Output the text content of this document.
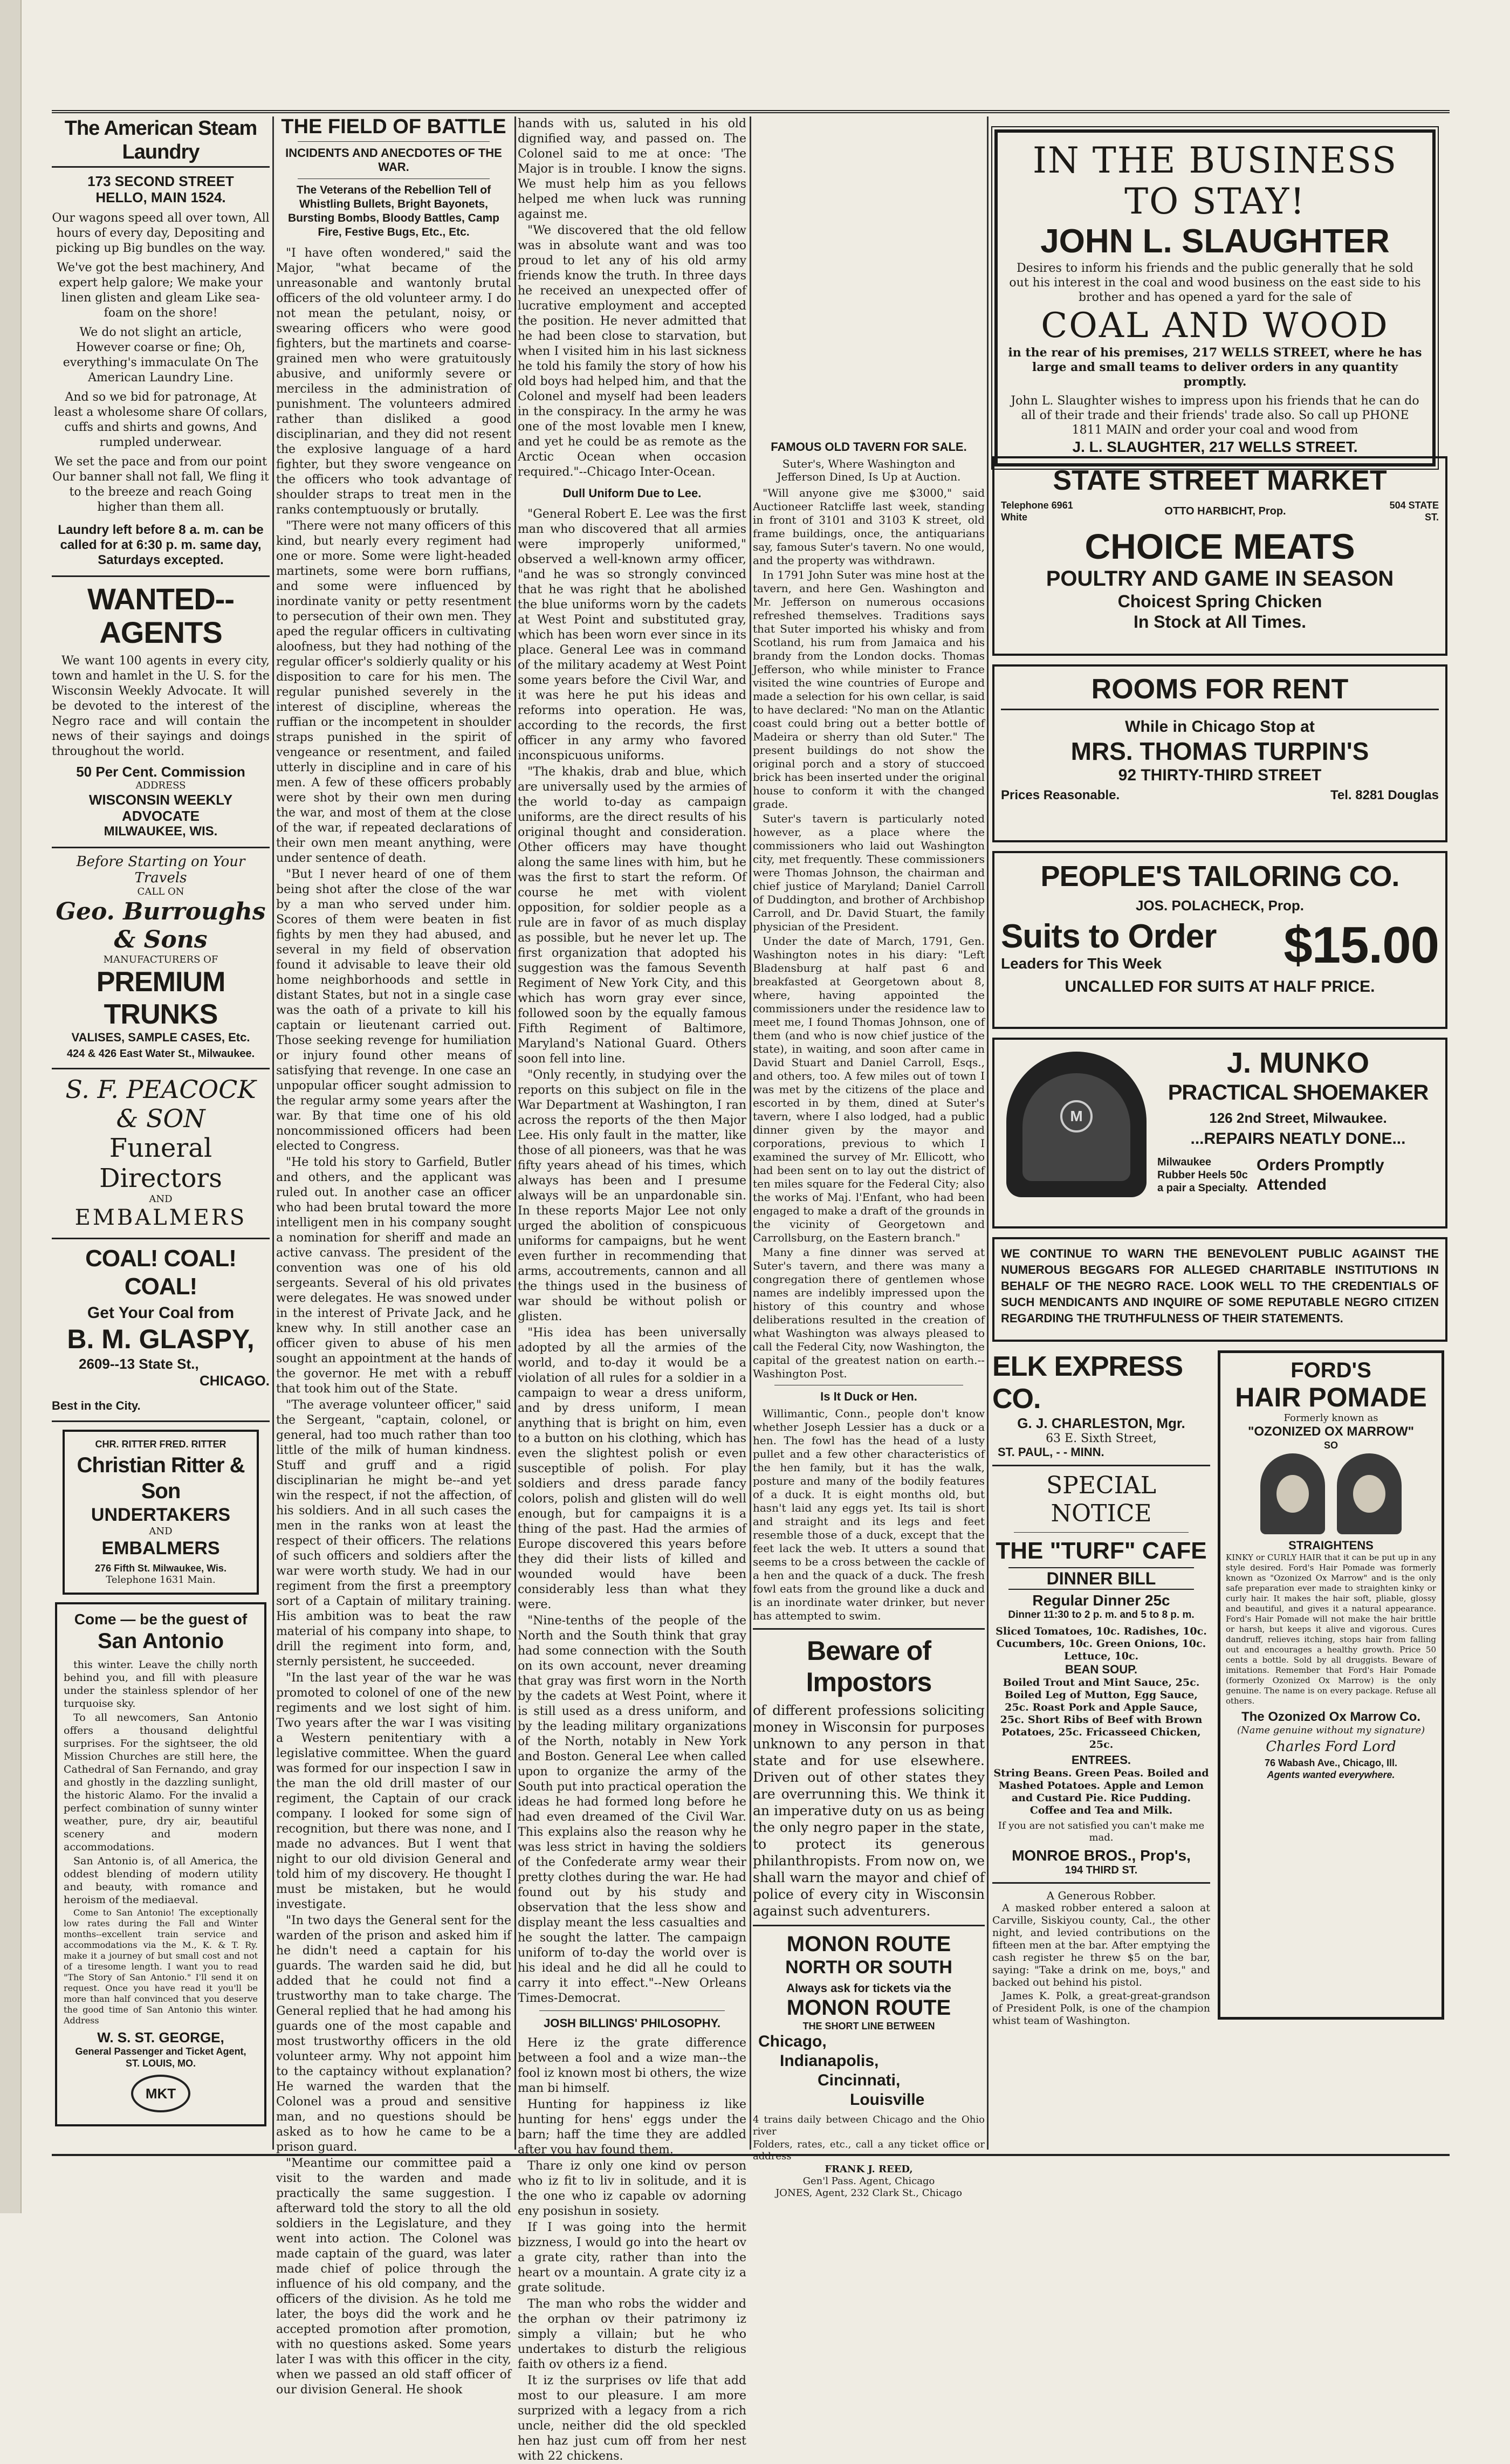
The American Steam Laundry
173 SECOND STREET
HELLO, MAIN 1524.
Our wagons speed all over town, All hours of every day, Depositing and picking up Big bundles on the way.
We've got the best machinery, And expert help galore; We make your linen glisten and gleam Like sea-foam on the shore!
We do not slight an article, However coarse or fine; Oh, everything's immaculate On The American Laundry Line.
And so we bid for patronage, At least a wholesome share Of collars, cuffs and shirts and gowns, And rumpled underwear.
We set the pace and from our point Our banner shall not fall, We fling it to the breeze and reach Going higher than them all.
Laundry left before 8 a. m. can be called for at 6:30 p. m. same day, Saturdays excepted.
WANTED--AGENTS
We want 100 agents in every city, town and hamlet in the U. S. for the Wisconsin Weekly Advocate. It will be devoted to the interest of the Negro race and will contain the news of their sayings and doings throughout the world.
50 Per Cent. Commission
ADDRESS
WISCONSIN WEEKLY ADVOCATE
MILWAUKEE, WIS.
Before Starting on Your Travels
CALL ON
Geo. Burroughs & Sons
MANUFACTURERS OF
PREMIUM TRUNKS
VALISES, SAMPLE CASES, Etc.
424 & 426 East Water St., Milwaukee.
S. F. PEACOCK & SON
Funeral Directors
AND
EMBALMERS
COAL! COAL! COAL!
Get Your Coal from
B. M. GLASPY,
2609--13 State St.,
CHICAGO.
Best in the City.
CHR. RITTER FRED. RITTER
Christian Ritter & Son
UNDERTAKERS
AND
EMBALMERS
276 Fifth St. Milwaukee, Wis.
Telephone 1631 Main.
Come — be the guest of
San Antonio
this winter. Leave the chilly north behind you, and fill with pleasure under the stainless splendor of her turquoise sky.
To all newcomers, San Antonio offers a thousand delightful surprises. For the sightseer, the old Mission Churches are still here, the Cathedral of San Fernando, and gray and ghostly in the dazzling sunlight, the historic Alamo. For the invalid a perfect combination of sunny winter weather, pure, dry air, beautiful scenery and modern accommodations.
San Antonio is, of all America, the oddest blending of modern utility and beauty, with romance and heroism of the mediaeval.
Come to San Antonio! The exceptionally low rates during the Fall and Winter months--excellent train service and accommodations via the M., K. & T. Ry. make it a journey of but small cost and not of a tiresome length. I want you to read "The Story of San Antonio." I'll send it on request. Once you have read it you'll be more than half convinced that you deserve the good time of San Antonio this winter. Address
W. S. ST. GEORGE,
General Passenger and Ticket Agent,
ST. LOUIS, MO.
MKT
THE FIELD OF BATTLE
INCIDENTS AND ANECDOTES OF THE WAR.
The Veterans of the Rebellion Tell of Whistling Bullets, Bright Bayonets, Bursting Bombs, Bloody Battles, Camp Fire, Festive Bugs, Etc., Etc.

"I have often wondered," said the Major, "what became of the unreasonable and wantonly brutal officers of the old volunteer army. I do not mean the petulant, noisy, or swearing officers who were good fighters, but the martinets and coarse-grained men who were gratuitously abusive, and uniformly severe or merciless in the administration of punishment. The volunteers admired rather than disliked a good disciplinarian, and they did not resent the explosive language of a hard fighter, but they swore vengeance on the officers who took advantage of shoulder straps to treat men in the ranks contemptuously or brutally.

"There were not many officers of this kind, but nearly every regiment had one or more. Some were light-headed martinets, some were born ruffians, and some were influenced by inordinate vanity or petty resentment to persecution of their own men. They aped the regular officers in cultivating aloofness, but they had nothing of the regular officer's soldierly quality or his disposition to care for his men. The regular punished severely in the interest of discipline, whereas the ruffian or the incompetent in shoulder straps punished in the spirit of vengeance or resentment, and failed utterly in discipline and in care of his men. A few of these officers probably were shot by their own men during the war, and most of them at the close of the war, if repeated declarations of their own men meant anything, were under sentence of death.

"But I never heard of one of them being shot after the close of the war by a man who served under him. Scores of them were beaten in fist fights by men they had abused, and several in my field of observation found it advisable to leave their old home neighborhoods and settle in distant States, but not in a single case was the oath of a private to kill his captain or lieutenant carried out. Those seeking revenge for humiliation or injury found other means of satisfying that revenge. In one case an unpopular officer sought admission to the regular army some years after the war. By that time one of his old noncommissioned officers had been elected to Congress.

"He told his story to Garfield, Butler and others, and the applicant was ruled out. In another case an officer who had been brutal toward the more intelligent men in his company sought a nomination for sheriff and made an active canvass. The president of the convention was one of his old sergeants. Several of his old privates were delegates. He was snowed under in the interest of Private Jack, and he knew why. In still another case an officer given to abuse of his men sought an appointment at the hands of the governor. He met with a rebuff that took him out of the State.

"The average volunteer officer," said the Sergeant, "captain, colonel, or general, had too much rather than too little of the milk of human kindness. Stuff and gruff and a rigid disciplinarian he might be--and yet win the respect, if not the affection, of his soldiers. And in all such cases the men in the ranks won at least the respect of their officers. The relations of such officers and soldiers after the war were worth study. We had in our regiment from the first a preemptory sort of a Captain of military training. His ambition was to beat the raw material of his company into shape, to drill the regiment into form, and, sternly persistent, he succeeded.

"In the last year of the war he was promoted to colonel of one of the new regiments and we lost sight of him. Two years after the war I was visiting a Western penitentiary with a legislative committee. When the guard was formed for our inspection I saw in the man the old drill master of our regiment, the Captain of our crack company. I looked for some sign of recognition, but there was none, and I made no advances. But I went that night to our old division General and told him of my discovery. He thought I must be mistaken, but he would investigate.

"In two days the General sent for the warden of the prison and asked him if he didn't need a captain for his guards. The warden said he did, but added that he could not find a trustworthy man to take charge. The General replied that he had among his guards one of the most capable and most trustworthy officers in the old volunteer army. Why not appoint him to the captaincy without explanation? He warned the warden that the Colonel was a proud and sensitive man, and no questions should be asked as to how he came to be a prison guard.

"Meantime our committee paid a visit to the warden and made practically the same suggestion. I afterward told the story to all the old soldiers in the Legislature, and they went into action. The Colonel was made captain of the guard, was later made chief of police through the influence of his old company, and the officers of the division. As he told me later, the boys did the work and he accepted promotion after promotion, with no questions asked. Some years later I was with this officer in the city, when we passed an old staff officer of our division General. He shook

hands with us, saluted in his old dignified way, and passed on. The Colonel said to me at once: 'The Major is in trouble. I know the signs. We must help him as you fellows helped me when luck was running against me.

"We discovered that the old fellow was in absolute want and was too proud to let any of his old army friends know the truth. In three days he received an unexpected offer of lucrative employment and accepted the position. He never admitted that he had been close to starvation, but when I visited him in his last sickness he told his family the story of how his old boys had helped him, and that the Colonel and myself had been leaders in the conspiracy. In the army he was one of the most lovable men I knew, and yet he could be as remote as the Arctic Ocean when occasion required."--Chicago Inter-Ocean.

Dull Uniform Due to Lee.

"General Robert E. Lee was the first man who discovered that all armies were improperly uniformed," observed a well-known army officer, "and he was so strongly convinced that he was right that he abolished the blue uniforms worn by the cadets at West Point and substituted gray, which has been worn ever since in its place. General Lee was in command of the military academy at West Point some years before the Civil War, and it was here he put his ideas and reforms into operation. He was, according to the records, the first officer in any army who favored inconspicuous uniforms.

"The khakis, drab and blue, which are universally used by the armies of the world to-day as campaign uniforms, are the direct results of his original thought and consideration. Other officers may have thought along the same lines with him, but he was the first to start the reform. Of course he met with violent opposition, for soldier people as a rule are in favor of as much display as possible, but he never let up. The first organization that adopted his suggestion was the famous Seventh Regiment of New York City, and this which has worn gray ever since, followed soon by the equally famous Fifth Regiment of Baltimore, Maryland's National Guard. Others soon fell into line.

"Only recently, in studying over the reports on this subject on file in the War Department at Washington, I ran across the reports of the then Major Lee. His only fault in the matter, like those of all pioneers, was that he was fifty years ahead of his times, which always has been and I presume always will be an unpardonable sin. In these reports Major Lee not only urged the abolition of conspicuous uniforms for campaigns, but he went even further in recommending that arms, accoutrements, cannon and all the things used in the business of war should be without polish or glisten.

"His idea has been universally adopted by all the armies of the world, and to-day it would be a violation of all rules for a soldier in a campaign to wear a dress uniform, and by dress uniform, I mean anything that is bright on him, even to a button on his clothing, which has even the slightest polish or even susceptible of polish. For play soldiers and dress parade fancy colors, polish and glisten will do well enough, but for campaigns it is a thing of the past. Had the armies of Europe discovered this years before they did their lists of killed and wounded would have been considerably less than what they were.

"Nine-tenths of the people of the North and the South think that gray had some connection with the South on its own account, never dreaming that gray was first worn in the North by the cadets at West Point, where it is still used as a dress uniform, and by the leading military organizations of the North, notably in New York and Boston. General Lee when called upon to organize the army of the South put into practical operation the ideas he had formed long before he had even dreamed of the Civil War. This explains also the reason why he was less strict in having the soldiers of the Confederate army wear their pretty clothes during the war. He had found out by his study and observation that the less show and display meant the less casualties and he sought the latter. The campaign uniform of to-day the world over is his ideal and he did all he could to carry it into effect."--New Orleans Times-Democrat.

JOSH BILLINGS' PHILOSOPHY.

Here iz the grate difference between a fool and a wize man--the fool iz known most bi others, the wize man bi himself.

Hunting for happiness iz like hunting for hens' eggs under the barn; haff the time they are addled after you hav found them.

Thare iz only one kind ov person who iz fit to liv in solitude, and it is the one who iz capable ov adorning eny posishun in sosiety.

If I was going into the hermit bizzness, I would go into the heart ov a grate city, rather than into the heart ov a mountain. A grate city iz a grate solitude.

The man who robs the widder and the orphan ov their patrimony iz simply a villain; but he who undertakes to disturb the religious faith ov others iz a fiend.

It iz the surprises ov life that add most to our pleasure. I am more surprized with a legacy from a rich uncle, neither did the old speckled hen haz just cum off from her nest with 22 chickens.

FAMOUS OLD TAVERN FOR SALE.
Suter's, Where Washington and Jefferson Dined, Is Up at Auction.

"Will anyone give me $3000," said Auctioneer Ratcliffe last week, standing in front of 3101 and 3103 K street, old frame buildings, once, the antiquarians say, famous Suter's tavern. No one would, and the property was withdrawn.

In 1791 John Suter was mine host at the tavern, and here Gen. Washington and Mr. Jefferson on numerous occasions refreshed themselves. Traditions says that Suter imported his whisky and from Scotland, his rum from Jamaica and his brandy from the London docks. Thomas Jefferson, who while minister to France visited the wine countries of Europe and made a selection for his own cellar, is said to have declared: "No man on the Atlantic coast could bring out a better bottle of Madeira or sherry than old Suter." The present buildings do not show the original porch and a story of stuccoed brick has been inserted under the original house to conform it with the changed grade.

Suter's tavern is particularly noted however, as a place where the commissioners who laid out Washington city, met frequently. These commissioners were Thomas Johnson, the chairman and chief justice of Maryland; Daniel Carroll of Duddington, and brother of Archbishop Carroll, and Dr. David Stuart, the family physician of the President.

Under the date of March, 1791, Gen. Washington notes in his diary: "Left Bladensburg at half past 6 and breakfasted at Georgetown about 8, where, having appointed the commissioners under the residence law to meet me, I found Thomas Johnson, one of them (and who is now chief justice of the state), in waiting, and soon after came in David Stuart and Daniel Carroll, Esqs., and others, too. A few miles out of town I was met by the citizens of the place and escorted in by them, dined at Suter's tavern, where I also lodged, had a public dinner given by the mayor and corporations, previous to which I examined the survey of Mr. Ellicott, who had been sent on to lay out the district of ten miles square for the Federal City; also the works of Maj. l'Enfant, who had been engaged to make a draft of the grounds in the vicinity of Georgetown and Carrollsburg, on the Eastern branch."

Many a fine dinner was served at Suter's tavern, and there was many a congregation there of gentlemen whose names are indelibly impressed upon the history of this country and whose deliberations resulted in the creation of what Washington was always pleased to call the Federal City, now Washington, the capital of the greatest nation on earth.--Washington Post.

Is It Duck or Hen.

Willimantic, Conn., people don't know whether Joseph Lessier has a duck or a hen. The fowl has the head of a lusty pullet and a few other characteristics of the hen family, but it has the walk, posture and many of the bodily features of a duck. It is eight months old, but hasn't laid any eggs yet. Its tail is short and straight and its legs and feet resemble those of a duck, except that the feet lack the web. It utters a sound that seems to be a cross between the cackle of a hen and the quack of a duck. The fresh fowl eats from the ground like a duck and is an inordinate water drinker, but never has attempted to swim.

Beware of Impostors
of different professions soliciting money in Wisconsin for purposes unknown to any person in that state and for use elsewhere. Driven out of other states they are overrunning this. We think it an imperative duty on us as being the only negro paper in the state, to protect its generous philanthropists. From now on, we shall warn the mayor and chief of police of every city in Wisconsin against such adventurers.
MONON ROUTE
NORTH OR SOUTH
Always ask for tickets via the
MONON ROUTE
THE SHORT LINE BETWEEN
Chicago,
Indianapolis,
Cincinnati,
Louisville
4 trains daily between Chicago and the Ohio river
Folders, rates, etc., call a any ticket office or address
FRANK J. REED,
Gen'l Pass. Agent, Chicago
JONES, Agent, 232 Clark St., Chicago
IN THE BUSINESS TO STAY!
JOHN L. SLAUGHTER
Desires to inform his friends and the public generally that he sold out his interest in the coal and wood business on the east side to his brother and has opened a yard for the sale of
COAL AND WOOD
in the rear of his premises, 217 WELLS STREET, where he has large and small teams to deliver orders in any quantity promptly.
John L. Slaughter wishes to impress upon his friends that he can do all of their trade and their friends' trade also. So call up PHONE 1811 MAIN and order your coal and wood from
J. L. SLAUGHTER, 217 WELLS STREET.
STATE STREET MARKET
Telephone 6961 White
OTTO HARBICHT, Prop.	504 STATE ST.
CHOICE MEATS
POULTRY AND GAME IN SEASON
Choicest Spring Chicken
In Stock at All Times.
ROOMS FOR RENT
While in Chicago Stop at
MRS. THOMAS TURPIN'S
92 THIRTY-THIRD STREET
Prices Reasonable.	Tel. 8281 Douglas
PEOPLE'S TAILORING CO.
JOS. POLACHECK, Prop.
Suits to Order
Leaders for This Week	$15.00
UNCALLED FOR SUITS AT HALF PRICE.
M
J. MUNKO
PRACTICAL SHOEMAKER
126 2nd Street, Milwaukee.
...REPAIRS NEATLY DONE...
Milwaukee Rubber Heels 50c a pair a Specialty.
Orders Promptly Attended
WE CONTINUE TO WARN THE BENEVOLENT PUBLIC AGAINST THE NUMEROUS BEGGARS FOR ALLEGED CHARITABLE INSTITUTIONS IN BEHALF OF THE NEGRO RACE. LOOK WELL TO THE CREDENTIALS OF SUCH MENDICANTS AND INQUIRE OF SOME REPUTABLE NEGRO CITIZEN REGARDING THE TRUTHFULNESS OF THEIR STATEMENTS.
ELK EXPRESS CO.
G. J. CHARLESTON, Mgr.
63 E. Sixth Street,
ST. PAUL, - - MINN.
SPECIAL NOTICE
THE "TURF" CAFE
DINNER BILL
Regular Dinner 25c
Dinner 11:30 to 2 p. m. and 5 to 8 p. m.
Sliced Tomatoes, 10c. Radishes, 10c. Cucumbers, 10c. Green Onions, 10c. Lettuce, 10c.
BEAN SOUP.
Boiled Trout and Mint Sauce, 25c. Boiled Leg of Mutton, Egg Sauce, 25c. Roast Pork and Apple Sauce, 25c. Short Ribs of Beef with Brown Potatoes, 25c. Fricasseed Chicken, 25c.
ENTREES.
String Beans. Green Peas. Boiled and Mashed Potatoes. Apple and Lemon and Custard Pie. Rice Pudding. Coffee and Tea and Milk.
If you are not satisfied you can't make me mad.
MONROE BROS., Prop's,
194 THIRD ST.
A Generous Robber.

A masked robber entered a saloon at Carville, Siskiyou county, Cal., the other night, and levied contributions on the fifteen men at the bar. After emptying the cash register he threw $5 on the bar, saying: "Take a drink on me, boys," and backed out behind his pistol.

James K. Polk, a great-great-grandson of President Polk, is one of the champion whist team of Washington.

FORD'S
HAIR POMADE
Formerly known as
"OZONIZED OX MARROW"
SO

STRAIGHTENS
KINKY or CURLY HAIR that it can be put up in any style desired. Ford's Hair Pomade was formerly known as "Ozonized Ox Marrow" and is the only safe preparation ever made to straighten kinky or curly hair. It makes the hair soft, pliable, glossy and beautiful, and gives it a natural appearance. Ford's Hair Pomade will not make the hair brittle or harsh, but keeps it alive and vigorous. Cures dandruff, relieves itching, stops hair from falling out and encourages a healthy growth. Price 50 cents a bottle. Sold by all druggists. Beware of imitations. Remember that Ford's Hair Pomade (formerly Ozonized Ox Marrow) is the only genuine. The name is on every package. Refuse all others.
The Ozonized Ox Marrow Co.
(Name genuine without my signature)
Charles Ford Lord
76 Wabash Ave., Chicago, Ill.
Agents wanted everywhere.
